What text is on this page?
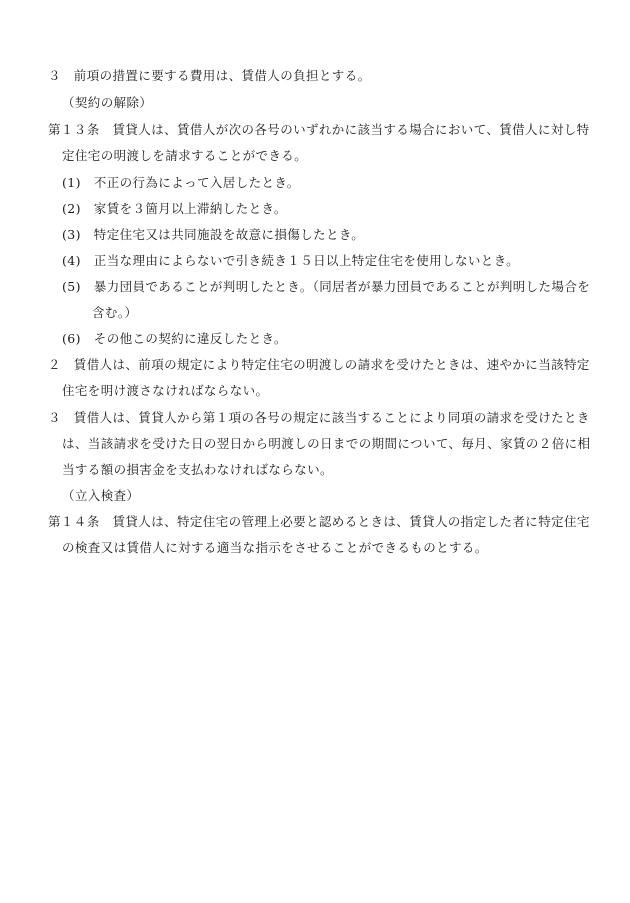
３　前項の措置に要する費用は、賃借人の負担とする。
（契約の解除）
第１３条　賃貸人は、賃借人が次の各号のいずれかに該当する場合において、賃借人に対し特
定住宅の明渡しを請求することができる。
(1)　不正の行為によって入居したとき。
(2)　家賃を３箇月以上滞納したとき。
(3)　特定住宅又は共同施設を故意に損傷したとき。
(4)　正当な理由によらないで引き続き１５日以上特定住宅を使用しないとき。
(5)　暴力団員であることが判明したとき。（同居者が暴力団員であることが判明した場合を
含む。）
(6)　その他この契約に違反したとき。
２　賃借人は、前項の規定により特定住宅の明渡しの請求を受けたときは、速やかに当該特定
住宅を明け渡さなければならない。
３　賃借人は、賃貸人から第１項の各号の規定に該当することにより同項の請求を受けたとき
は、当該請求を受けた日の翌日から明渡しの日までの期間について、毎月、家賃の２倍に相
当する額の損害金を支払わなければならない。
（立入検査）
第１４条　賃貸人は、特定住宅の管理上必要と認めるときは、賃貸人の指定した者に特定住宅
の検査又は賃借人に対する適当な指示をさせることができるものとする。
